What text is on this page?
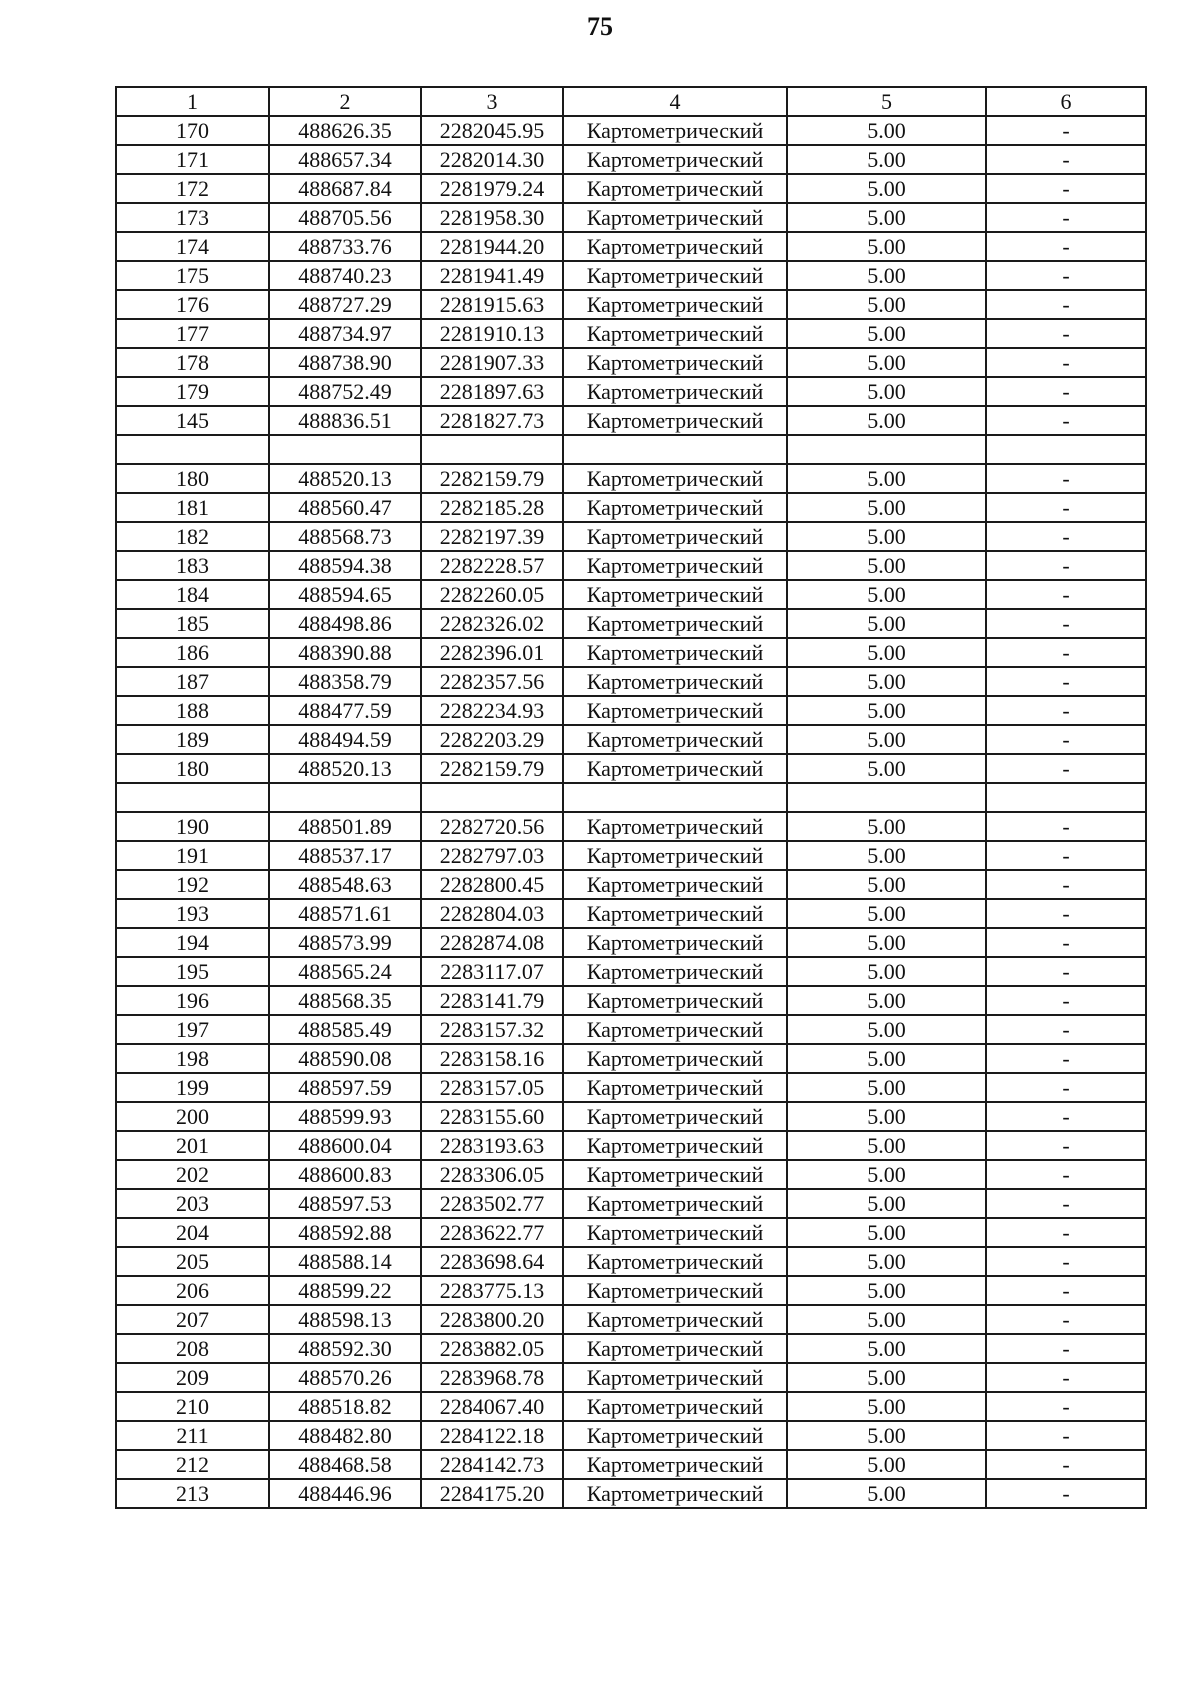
75
1	2	3	4	5	6
170	488626.35	2282045.95	Картометрический	5.00	-
171	488657.34	2282014.30	Картометрический	5.00	-
172	488687.84	2281979.24	Картометрический	5.00	-
173	488705.56	2281958.30	Картометрический	5.00	-
174	488733.76	2281944.20	Картометрический	5.00	-
175	488740.23	2281941.49	Картометрический	5.00	-
176	488727.29	2281915.63	Картометрический	5.00	-
177	488734.97	2281910.13	Картометрический	5.00	-
178	488738.90	2281907.33	Картометрический	5.00	-
179	488752.49	2281897.63	Картометрический	5.00	-
145	488836.51	2281827.73	Картометрический	5.00	-

180	488520.13	2282159.79	Картометрический	5.00	-
181	488560.47	2282185.28	Картометрический	5.00	-
182	488568.73	2282197.39	Картометрический	5.00	-
183	488594.38	2282228.57	Картометрический	5.00	-
184	488594.65	2282260.05	Картометрический	5.00	-
185	488498.86	2282326.02	Картометрический	5.00	-
186	488390.88	2282396.01	Картометрический	5.00	-
187	488358.79	2282357.56	Картометрический	5.00	-
188	488477.59	2282234.93	Картометрический	5.00	-
189	488494.59	2282203.29	Картометрический	5.00	-
180	488520.13	2282159.79	Картометрический	5.00	-

190	488501.89	2282720.56	Картометрический	5.00	-
191	488537.17	2282797.03	Картометрический	5.00	-
192	488548.63	2282800.45	Картометрический	5.00	-
193	488571.61	2282804.03	Картометрический	5.00	-
194	488573.99	2282874.08	Картометрический	5.00	-
195	488565.24	2283117.07	Картометрический	5.00	-
196	488568.35	2283141.79	Картометрический	5.00	-
197	488585.49	2283157.32	Картометрический	5.00	-
198	488590.08	2283158.16	Картометрический	5.00	-
199	488597.59	2283157.05	Картометрический	5.00	-
200	488599.93	2283155.60	Картометрический	5.00	-
201	488600.04	2283193.63	Картометрический	5.00	-
202	488600.83	2283306.05	Картометрический	5.00	-
203	488597.53	2283502.77	Картометрический	5.00	-
204	488592.88	2283622.77	Картометрический	5.00	-
205	488588.14	2283698.64	Картометрический	5.00	-
206	488599.22	2283775.13	Картометрический	5.00	-
207	488598.13	2283800.20	Картометрический	5.00	-
208	488592.30	2283882.05	Картометрический	5.00	-
209	488570.26	2283968.78	Картометрический	5.00	-
210	488518.82	2284067.40	Картометрический	5.00	-
211	488482.80	2284122.18	Картометрический	5.00	-
212	488468.58	2284142.73	Картометрический	5.00	-
213	488446.96	2284175.20	Картометрический	5.00	-
